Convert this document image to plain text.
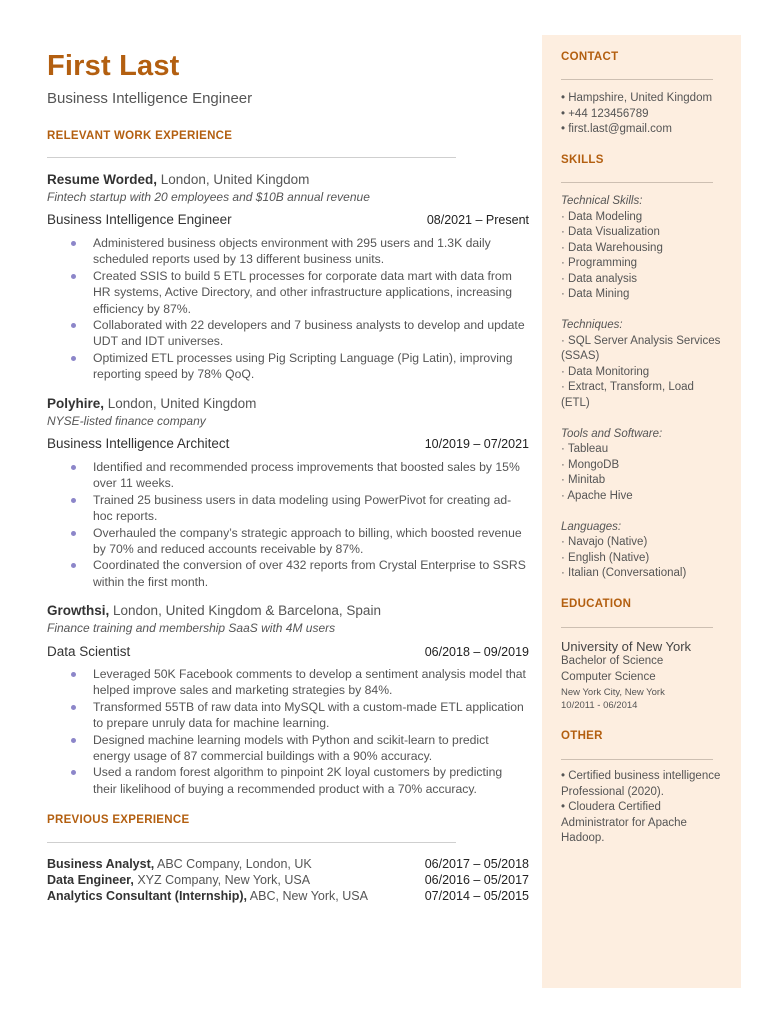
First Last
Business Intelligence Engineer
RELEVANT WORK EXPERIENCE
Resume Worded, London, United Kingdom
Fintech startup with 20 employees and $10B annual revenue
Business Intelligence Engineer	08/2021 – Present
Administered business objects environment with 295 users and 1.3K daily scheduled reports used by 13 different business units.
Created SSIS to build 5 ETL processes for corporate data mart with data from HR systems, Active Directory, and other infrastructure applications, increasing efficiency by 87%.
Collaborated with 22 developers and 7 business analysts to develop and update UDT and IDT universes.
Optimized ETL processes using Pig Scripting Language (Pig Latin), improving reporting speed by 78% QoQ.
Polyhire, London, United Kingdom
NYSE-listed finance company
Business Intelligence Architect	10/2019 – 07/2021
Identified and recommended process improvements that boosted sales by 15% over 11 weeks.
Trained 25 business users in data modeling using PowerPivot for creating ad-hoc reports.
Overhauled the company’s strategic approach to billing, which boosted revenue by 70% and reduced accounts receivable by 87%.
Coordinated the conversion of over 432 reports from Crystal Enterprise to SSRS within the first month.
Growthsi, London, United Kingdom & Barcelona, Spain
Finance training and membership SaaS with 4M users
Data Scientist	06/2018 – 09/2019
Leveraged 50K Facebook comments to develop a sentiment analysis model that helped improve sales and marketing strategies by 84%.
Transformed 55TB of raw data into MySQL with a custom-made ETL application to prepare unruly data for machine learning.
Designed machine learning models with Python and scikit-learn to predict energy usage of 87 commercial buildings with a 90% accuracy.
Used a random forest algorithm to pinpoint 2K loyal customers by predicting their likelihood of buying a recommended product with a 70% accuracy.
PREVIOUS EXPERIENCE
Business Analyst, ABC Company, London, UK	06/2017 – 05/2018
Data Engineer, XYZ Company, New York, USA	06/2016 – 05/2017
Analytics Consultant (Internship), ABC, New York, USA	07/2014 – 05/2015
CONTACT
• Hampshire, United Kingdom
• +44 123456789
• first.last@gmail.com
SKILLS
Technical Skills:
· Data Modeling
· Data Visualization
· Data Warehousing
· Programming
· Data analysis
· Data Mining
Techniques:
· SQL Server Analysis Services
(SSAS)
· Data Monitoring
· Extract, Transform, Load
(ETL)
Tools and Software:
· Tableau
· MongoDB
· Minitab
· Apache Hive
Languages:
· Navajo (Native)
· English (Native)
· Italian (Conversational)
EDUCATION
University of New York
Bachelor of Science
Computer Science
New York City, New York
10/2011 - 06/2014
OTHER
• Certified business intelligence
Professional (2020).
• Cloudera Certified
Administrator for Apache
Hadoop.
